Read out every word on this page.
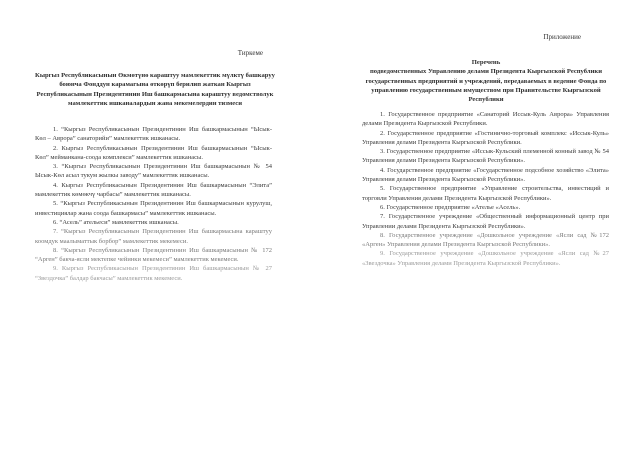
Тиркеме
Кыргыз Республикасынын Өкмөтүнө караштуу мамлекеттик мүлктү башкаруу боюнча Фонддун карамагына өткөрүп берилип жаткан Кыргыз Республикасынын Президентинин Иш башкармасына караштуу ведомстволук мамлекеттик ишканалардын жана мекемелердин тизмеси

1. “Кыргыз Республикасынын Президентинин Иш башкармасынын “Ысык-Көл – Аврора” санаторийи” мамлекеттик ишканасы.

2. Кыргыз Республикасынын Президентинин Иш башкармасынын “Ысык-Көл” мейманкана-соода комплекси” мамлекеттик ишканасы.

3. “Кыргыз Республикасынын Президентинин Иш башкармасынын № 54 Ысык-Көл асыл тукум жылкы заводу” мамлекеттик ишканасы.

4. Кыргыз Республикасынын Президентинин Иш башкармасынын “Элита” мамлекеттик көмөкчү чарбасы” мамлекеттик ишканасы.

5. “Кыргыз Республикасынын Президентинин Иш башкармасынын курулуш, инвестициялар жана соода башкармасы” мамлекеттик ишканасы.

6. “Асель” ательеси” мамлекеттик ишканасы.

7. “Кыргыз Республикасынын Президентинин Иш башкармасына караштуу коомдук маалыматтык борбор” мамлекеттик мекемеси.

8. “Кыргыз Республикасынын Президентинин Иш башкармасынын № 172 “Арген” бакча-ясли мектепке чейинки мекемеси” мамлекеттик мекемеси.

9. Кыргыз Республикасынын Президентинин Иш башкармасынын № 27 “Звездочка” балдар бакчасы” мамлекеттик мекемеси.

Приложение
Перечень
подведомственных Управлению делами Президента Кыргызской Республики государственных предприятий и учреждений, передаваемых в ведение Фонда по управлению государственным имуществом при Правительстве Кыргызской Республики

1. Государственное предприятие «Санаторий Иссык-Куль Аврора» Управления делами Президента Кыргызской Республики.

2. Государственное предприятие «Гостинично-торговый комплекс «Иссык-Куль» Управления делами Президента Кыргызской Республики.

3. Государственное предприятие «Иссык-Кульский племенной конный завод № 54 Управления делами Президента Кыргызской Республики».

4. Государственное предприятие «Государственное подсобное хозяйство «Элита» Управления делами Президента Кыргызской Республики».

5. Государственное предприятие «Управление строительства, инвестиций и торговли Управления делами Президента Кыргызской Республики».

6. Государственное предприятие «Ателье «Асель».

7. Государственное учреждение «Общественный информационный центр при Управлении делами Президента Кыргызской Республики».

8. Государственное учреждение «Дошкольное учреждение «Ясли сад №172 «Арген» Управления делами Президента Кыргызской Республики».

9. Государственное учреждение «Дошкольное учреждение «Ясли сад №27 «Звездочка» Управления делами Президента Кыргызской Республики».
